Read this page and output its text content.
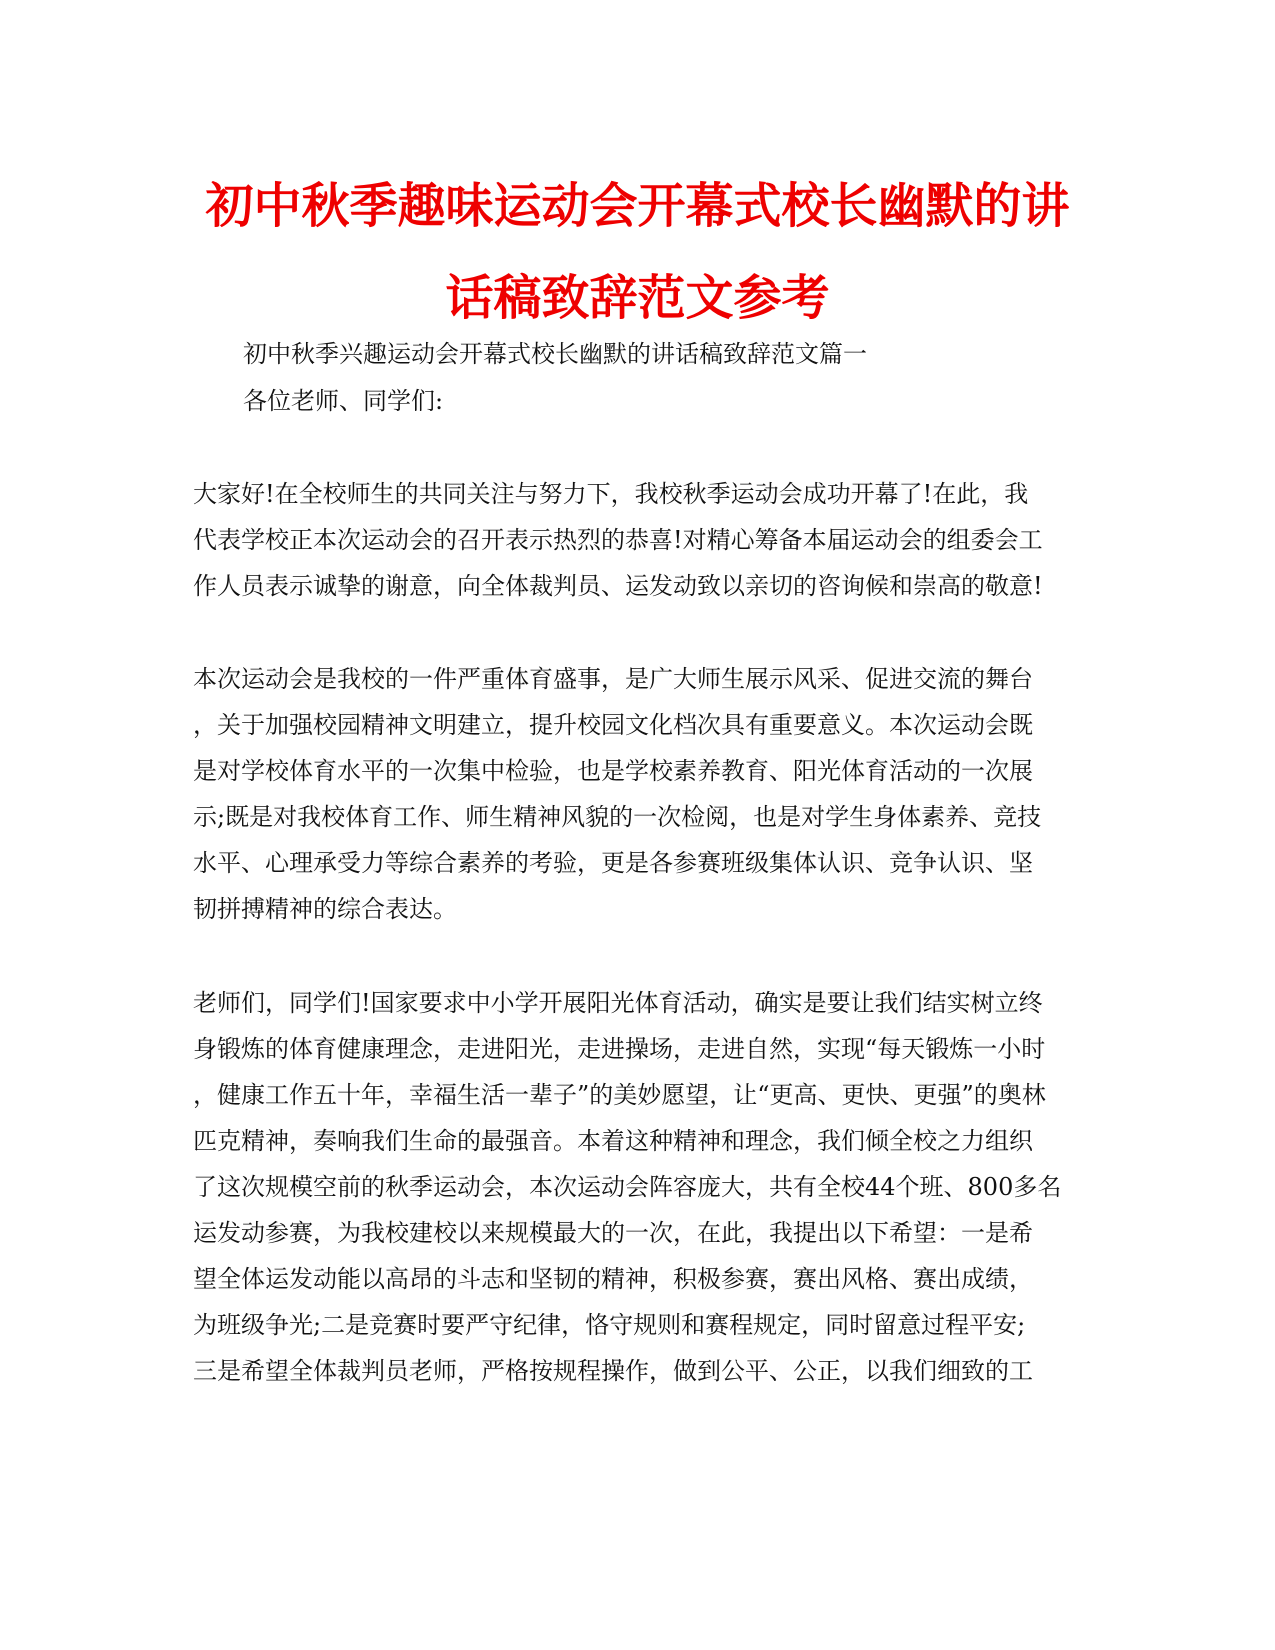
初中秋季趣味运动会开幕式校长幽默的讲
话稿致辞范文参考
初中秋季兴趣运动会开幕式校长幽默的讲话稿致辞范文篇一
各位老师、同学们:
大家好!在全校师生的共同关注与努力下，我校秋季运动会成功开幕了!在此，我
代表学校正本次运动会的召开表示热烈的恭喜!对精心筹备本届运动会的组委会工
作人员表示诚挚的谢意，向全体裁判员、运发动致以亲切的咨询候和崇高的敬意!
本次运动会是我校的一件严重体育盛事，是广大师生展示风采、促进交流的舞台
，关于加强校园精神文明建立，提升校园文化档次具有重要意义。本次运动会既
是对学校体育水平的一次集中检验，也是学校素养教育、阳光体育活动的一次展
示;既是对我校体育工作、师生精神风貌的一次检阅，也是对学生身体素养、竞技
水平、心理承受力等综合素养的考验，更是各参赛班级集体认识、竞争认识、坚
韧拼搏精神的综合表达。
老师们，同学们!国家要求中小学开展阳光体育活动，确实是要让我们结实树立终
身锻炼的体育健康理念，走进阳光，走进操场，走进自然，实现“每天锻炼一小时
，健康工作五十年，幸福生活一辈子”的美妙愿望，让“更高、更快、更强”的奥林
匹克精神，奏响我们生命的最强音。本着这种精神和理念，我们倾全校之力组织
了这次规模空前的秋季运动会，本次运动会阵容庞大，共有全校44个班、800多名
运发动参赛，为我校建校以来规模最大的一次，在此，我提出以下希望：一是希
望全体运发动能以高昂的斗志和坚韧的精神，积极参赛，赛出风格、赛出成绩，
为班级争光;二是竞赛时要严守纪律，恪守规则和赛程规定，同时留意过程平安;
三是希望全体裁判员老师，严格按规程操作，做到公平、公正，以我们细致的工
